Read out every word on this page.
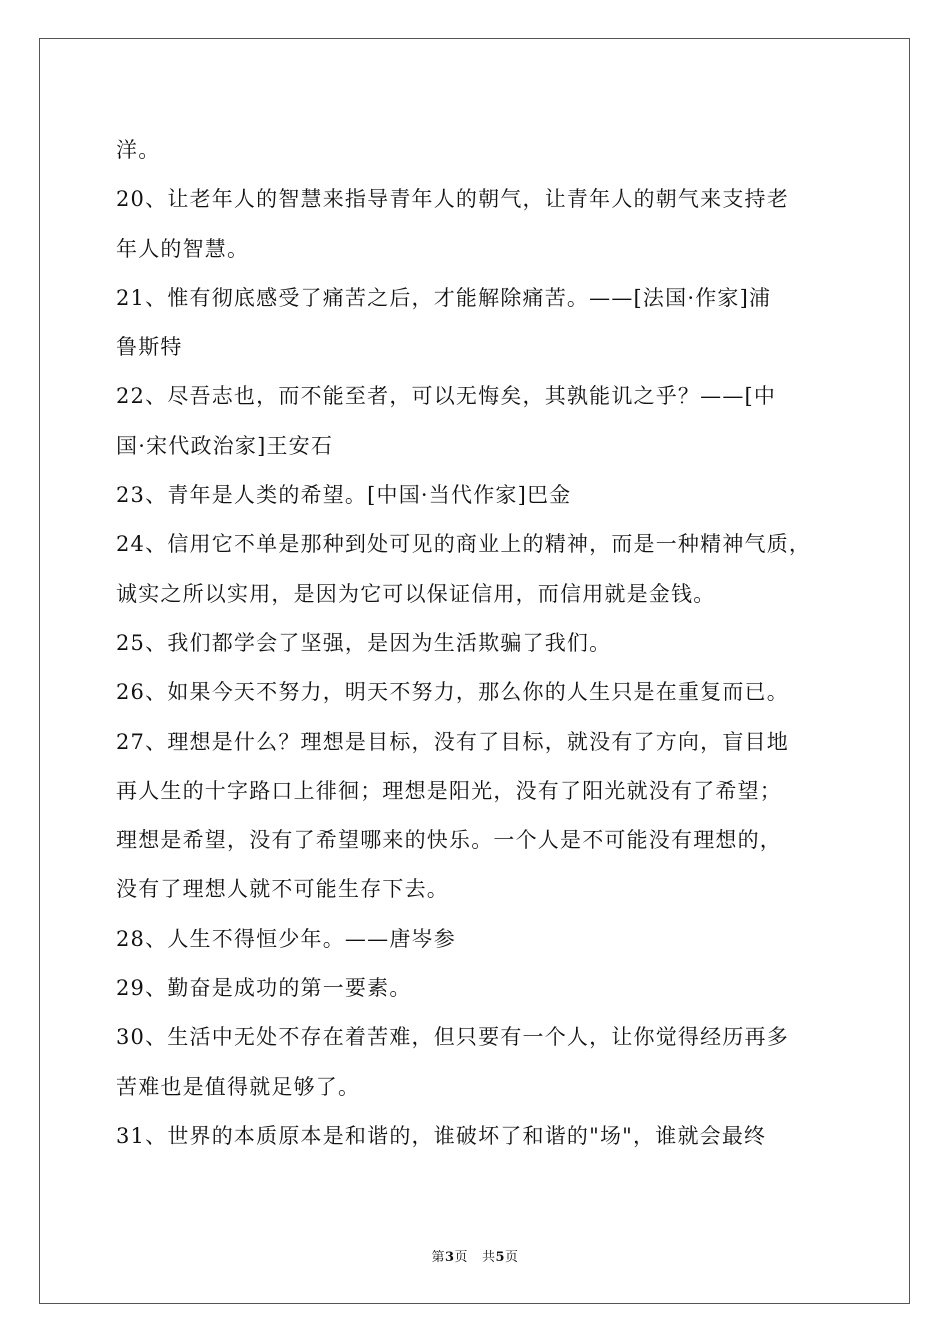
洋。
20、让老年人的智慧来指导青年人的朝气，让青年人的朝气来支持老
年人的智慧。
21、惟有彻底感受了痛苦之后，才能解除痛苦。——[法国·作家]浦
鲁斯特
22、尽吾志也，而不能至者，可以无悔矣，其孰能讥之乎？——[中
国·宋代政治家]王安石
23、青年是人类的希望。[中国·当代作家]巴金
24、信用它不单是那种到处可见的商业上的精神，而是一种精神气质，
诚实之所以实用，是因为它可以保证信用，而信用就是金钱。
25、我们都学会了坚强，是因为生活欺骗了我们。
26、如果今天不努力，明天不努力，那么你的人生只是在重复而已。
27、理想是什么？理想是目标，没有了目标，就没有了方向，盲目地
再人生的十字路口上徘徊；理想是阳光，没有了阳光就没有了希望；
理想是希望，没有了希望哪来的快乐。一个人是不可能没有理想的，
没有了理想人就不可能生存下去。
28、人生不得恒少年。——唐岑参
29、勤奋是成功的第一要素。
30、生活中无处不存在着苦难，但只要有一个人，让你觉得经历再多
苦难也是值得就足够了。
31、世界的本质原本是和谐的，谁破坏了和谐的"场"，谁就会最终
第3页 共5页
